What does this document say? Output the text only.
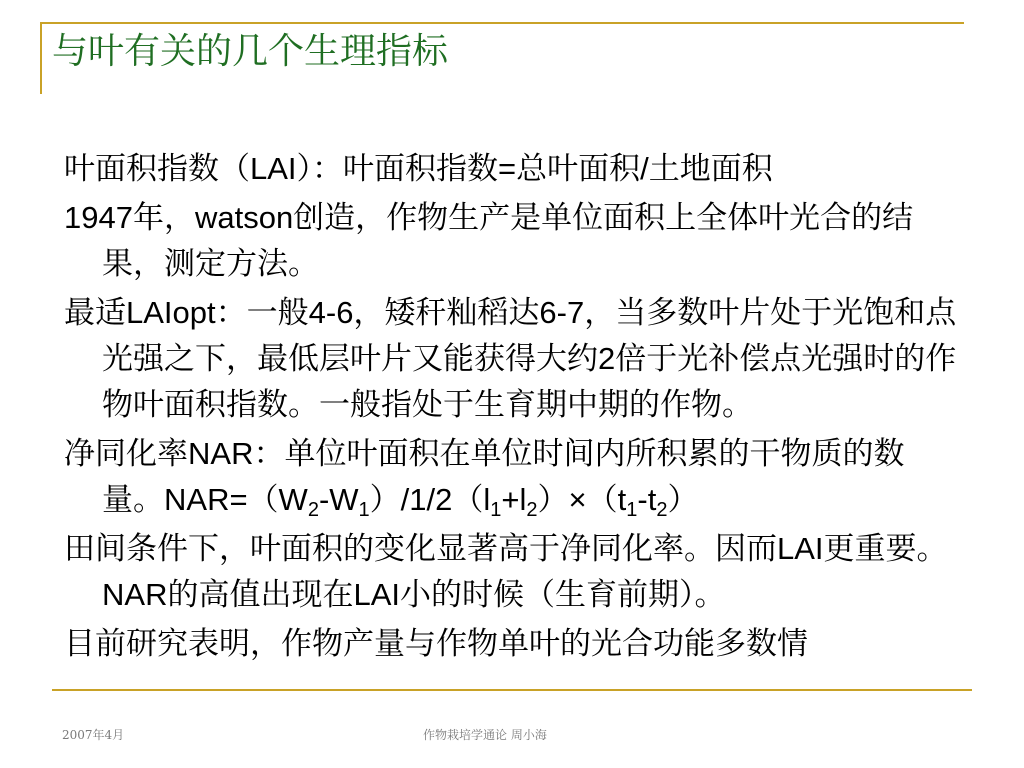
与叶有关的几个生理指标

叶面积指数（LAI）：叶面积指数=总叶面积/土地面积

1947年，watson创造，作物生产是单位面积上全体叶光合的结果，测定方法。

最适LAIopt：一般4-6，矮秆籼稻达6-7，当多数叶片处于光饱和点光强之下，最低层叶片又能获得大约2倍于光补偿点光强时的作物叶面积指数。一般指处于生育期中期的作物。

净同化率NAR：单位叶面积在单位时间内所积累的干物质的数量。$NAR=(W_2-W_1)/1/2(l_1+l_2)\times(t_1-t_2)$

田间条件下，叶面积的变化显著高于净同化率。因而LAI更重要。NAR的高值出现在LAI小的时候（生育前期）。

目前研究表明，作物产量与作物单叶的光合功能多数情

2007年4月	作物栽培学通论 周小海
